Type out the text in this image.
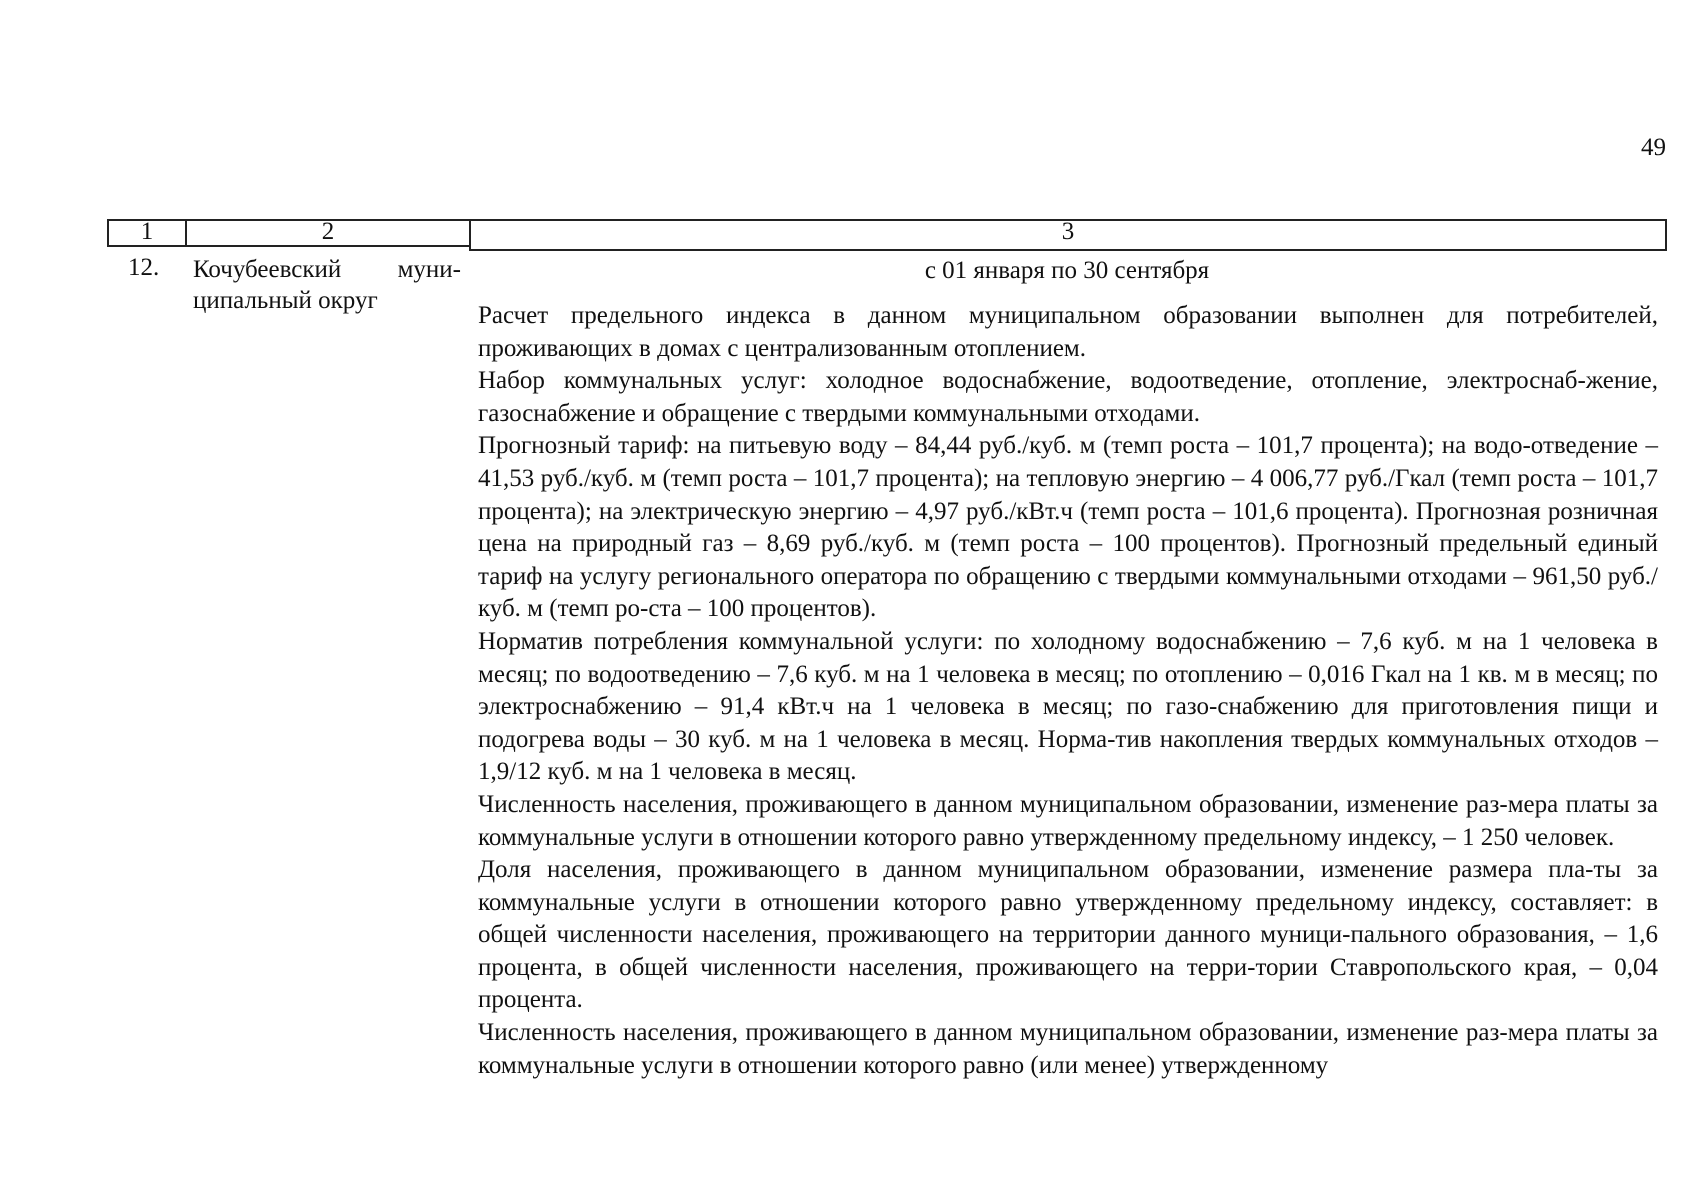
49
1	2	3
12. Кочубеевский муни-ципальный округ
с 01 января по 30 сентября

Расчет предельного индекса в данном муниципальном образовании выполнен для потребителей, проживающих в домах с централизованным отоплением.

Набор коммунальных услуг: холодное водоснабжение, водоотведение, отопление, электроснаб-жение, газоснабжение и обращение с твердыми коммунальными отходами.

Прогнозный тариф: на питьевую воду – 84,44 руб./куб. м (темп роста – 101,7 процента); на водо-отведение – 41,53 руб./куб. м (темп роста – 101,7 процента); на тепловую энергию – 4 006,77 руб./Гкал (темп роста – 101,7 процента); на электрическую энергию – 4,97 руб./кВт.ч (темп роста – 101,6 процента). Прогнозная розничная цена на природный газ – 8,69 руб./куб. м (темп роста – 100 процентов). Прогнозный предельный единый тариф на услугу регионального оператора по обращению с твердыми коммунальными отходами – 961,50 руб./куб. м (темп ро-ста – 100 процентов).

Норматив потребления коммунальной услуги: по холодному водоснабжению – 7,6 куб. м на 1 человека в месяц; по водоотведению – 7,6 куб. м на 1 человека в месяц; по отоплению – 0,016 Гкал на 1 кв. м в месяц; по электроснабжению – 91,4 кВт.ч на 1 человека в месяц; по газо-снабжению для приготовления пищи и подогрева воды – 30 куб. м на 1 человека в месяц. Норма-тив накопления твердых коммунальных отходов – 1,9/12 куб. м на 1 человека в месяц.

Численность населения, проживающего в данном муниципальном образовании, изменение раз-мера платы за коммунальные услуги в отношении которого равно утвержденному предельному индексу, – 1 250 человек.

Доля населения, проживающего в данном муниципальном образовании, изменение размера пла-ты за коммунальные услуги в отношении которого равно утвержденному предельному индексу, составляет: в общей численности населения, проживающего на территории данного муници-пального образования, – 1,6 процента, в общей численности населения, проживающего на терри-тории Ставропольского края, – 0,04 процента.

Численность населения, проживающего в данном муниципальном образовании, изменение раз-мера платы за коммунальные услуги в отношении которого равно (или менее) утвержденному
